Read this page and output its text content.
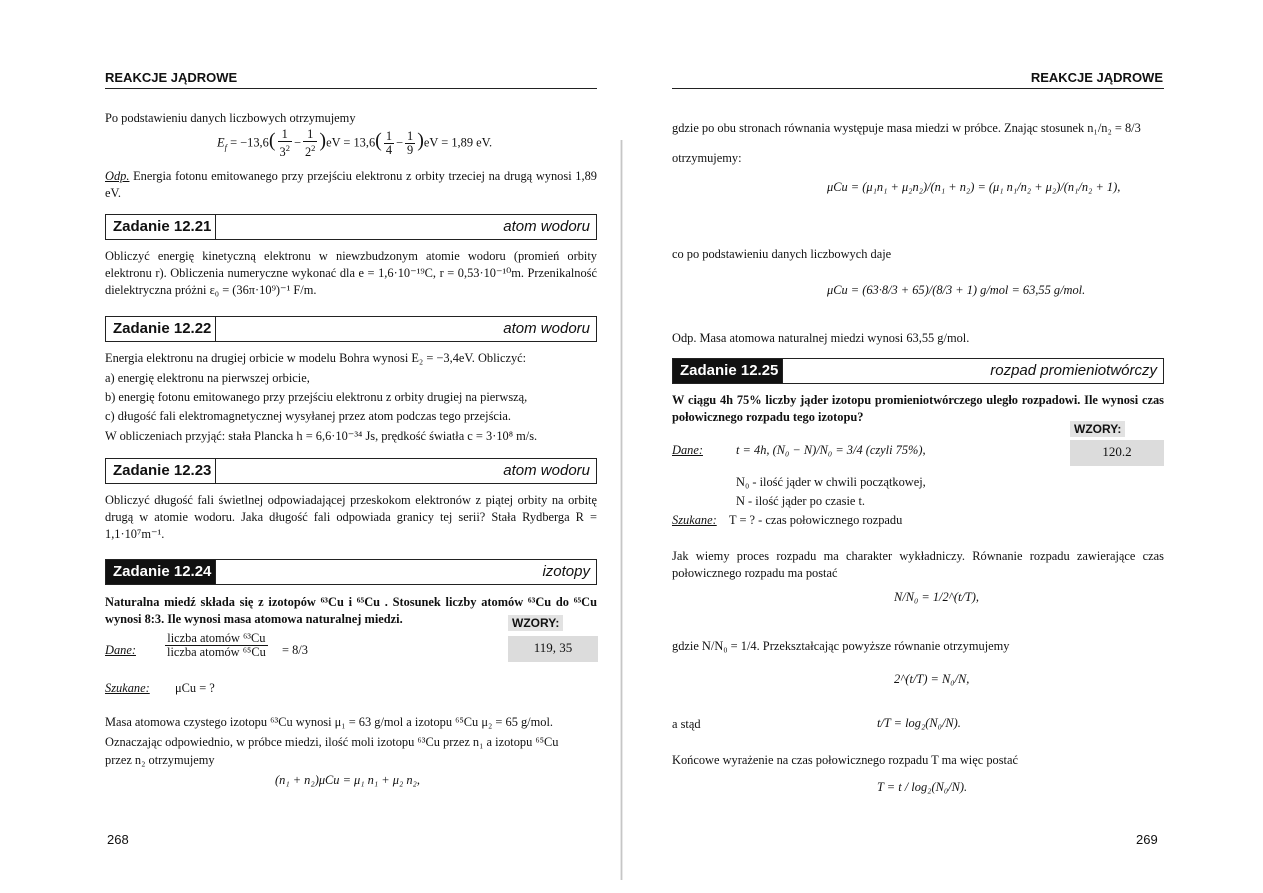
REAKCJE JĄDROWE
Po podstawieniu danych liczbowych otrzymujemy
$E_f = -13,6( \frac{1}{3^2} - \frac{1}{2^2} )eV = 13,6( \frac{1}{4} - \frac{1}{9} )eV = 1,89$ eV.
Odp. Energia fotonu emitowanego przy przejściu elektronu z orbity trzeciej na drugą wynosi 1,89 eV.
Zadanie 12.21	atom wodoru
Obliczyć energię kinetyczną elektronu w niewzbudzonym atomie wodoru (promień orbity elektronu r). Obliczenia numeryczne wykonać dla e = 1,6·10⁻¹⁹C, r = 0,53·10⁻¹⁰m. Przenikalność dielektryczna próżni ε₀ = (36π·10⁹)⁻¹ F/m.
Zadanie 12.22	atom wodoru
Energia elektronu na drugiej orbicie w modelu Bohra wynosi E₂ = −3,4eV. Obliczyć:
a) energię elektronu na pierwszej orbicie,
b) energię fotonu emitowanego przy przejściu elektronu z orbity drugiej na pierwszą,
c) długość fali elektromagnetycznej wysyłanej przez atom podczas tego przejścia.
W obliczeniach przyjąć: stała Plancka h = 6,6·10⁻³⁴ Js, prędkość światła c = 3·10⁸ m/s.
Zadanie 12.23	atom wodoru
Obliczyć długość fali świetlnej odpowiadającej przeskokom elektronów z piątej orbity na orbitę drugą w atomie wodoru. Jaka długość fali odpowiada granicy tej serii? Stała Rydberga R = 1,1·10⁷m⁻¹.
Zadanie 12.24	izotopy
Naturalna miedź składa się z izotopów ⁶³Cu i ⁶⁵Cu . Stosunek liczby atomów ⁶³Cu do ⁶⁵Cu wynosi 8:3. Ile wynosi masa atomowa naturalnej miedzi.	WZORY:
119, 35
Dane:
liczba atomów ⁶³Cu
liczba atomów ⁶⁵Cu = 8/3
Szukane: μCu = ?
Masa atomowa czystego izotopu ⁶³Cu wynosi μ₁ = 63 g/mol a izotopu ⁶⁵Cu μ₂ = 65 g/mol.
Oznaczając odpowiednio, w próbce miedzi, ilość moli izotopu ⁶³Cu przez n₁ a izotopu ⁶⁵Cu
przez n₂ otrzymujemy
(n₁ + n₂)μCu = μ₁ n₁ + μ₂ n₂,
268
REAKCJE JĄDROWE
gdzie po obu stronach równania występuje masa miedzi w próbce. Znając stosunek n₁/n₂ = 8/3
otrzymujemy:
μCu = (μ₁n₁ + μ₂n₂)/(n₁ + n₂) = (μ₁ n₁/n₂ + μ₂)/(n₁/n₂ + 1),
co po podstawieniu danych liczbowych daje
μCu = (63·8/3 + 65)/(8/3 + 1) g/mol = 63,55 g/mol.
Odp. Masa atomowa naturalnej miedzi wynosi 63,55 g/mol.
Zadanie 12.25	rozpad promieniotwórczy
W ciągu 4h 75% liczby jąder izotopu promieniotwórczego uległo rozpadowi. Ile wynosi czas połowicznego rozpadu tego izotopu?
WZORY:
120.2
Dane:	t = 4h, (N₀ − N)/N₀ = 3/4 (czyli 75%),
N₀ - ilość jąder w chwili początkowej,
N - ilość jąder po czasie t.
Szukane: T = ? - czas połowicznego rozpadu
Jak wiemy proces rozpadu ma charakter wykładniczy. Równanie rozpadu zawierające czas połowicznego rozpadu ma postać
N/N₀ = 1/2^(t/T),
gdzie N/N₀ = 1/4. Przekształcając powyższe równanie otrzymujemy
2^(t/T) = N₀/N,
a stąd	t/T = log₂(N₀/N).
Końcowe wyrażenie na czas połowicznego rozpadu T ma więc postać
T = t / log₂(N₀/N).
269
